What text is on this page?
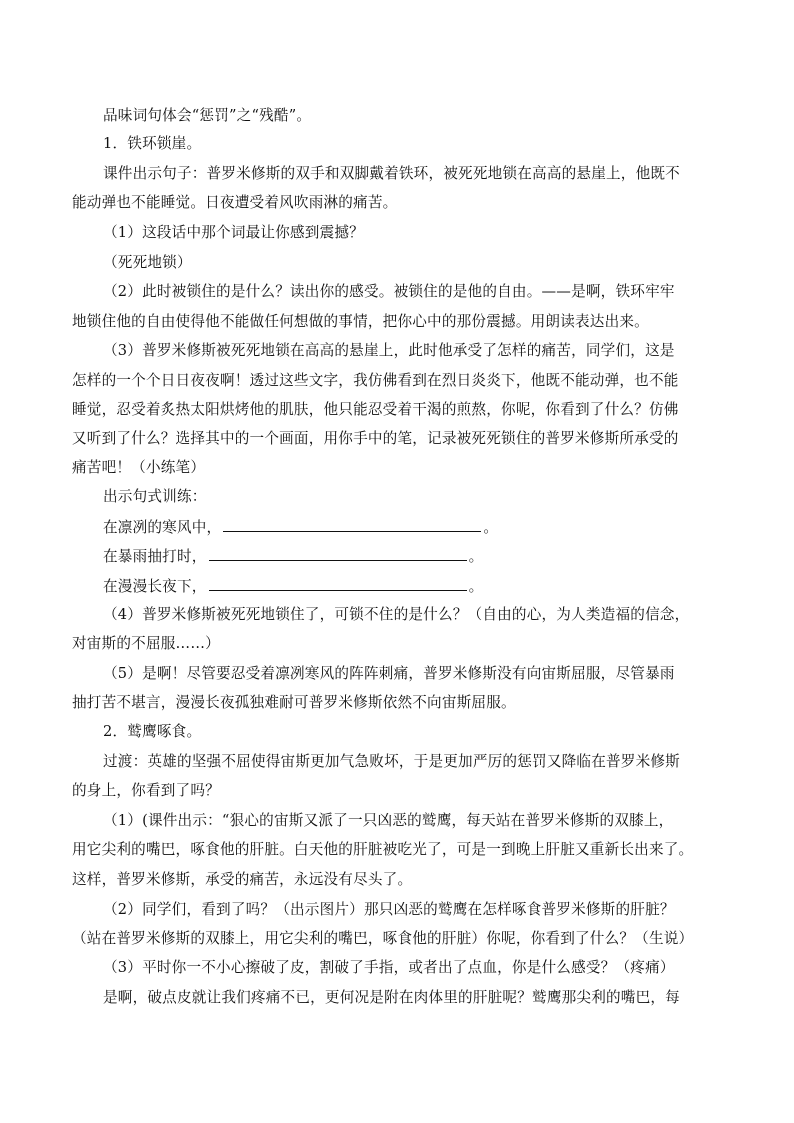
品味词句体会“惩罚”之“残酷”。
1．铁环锁崖。
课件出示句子：普罗米修斯的双手和双脚戴着铁环，被死死地锁在高高的悬崖上，他既不
能动弹也不能睡觉。日夜遭受着风吹雨淋的痛苦。
（1）这段话中那个词最让你感到震撼？
（死死地锁）
（2）此时被锁住的是什么？读出你的感受。被锁住的是他的自由。——是啊，铁环牢牢
地锁住他的自由使得他不能做任何想做的事情，把你心中的那份震撼。用朗读表达出来。
（3）普罗米修斯被死死地锁在高高的悬崖上，此时他承受了怎样的痛苦，同学们，这是
怎样的一个个日日夜夜啊！透过这些文字，我仿佛看到在烈日炎炎下，他既不能动弹，也不能
睡觉，忍受着炙热太阳烘烤他的肌肤，他只能忍受着干渴的煎熬，你呢，你看到了什么？仿佛
又听到了什么？选择其中的一个画面，用你手中的笔，记录被死死锁住的普罗米修斯所承受的
痛苦吧！（小练笔）
出示句式训练：
在凛冽的寒风中，	。
在暴雨抽打时，	。
在漫漫长夜下，	。
（4）普罗米修斯被死死地锁住了，可锁不住的是什么？（自由的心，为人类造福的信念，
对宙斯的不屈服……）
（5）是啊！尽管要忍受着凛冽寒风的阵阵刺痛，普罗米修斯没有向宙斯屈服，尽管暴雨
抽打苦不堪言，漫漫长夜孤独难耐可普罗米修斯依然不向宙斯屈服。
2．鹫鹰啄食。
过渡：英雄的坚强不屈使得宙斯更加气急败坏，于是更加严厉的惩罚又降临在普罗米修斯
的身上，你看到了吗？
（1）(课件出示：“狠心的宙斯又派了一只凶恶的鹫鹰，每天站在普罗米修斯的双膝上，
用它尖利的嘴巴，啄食他的肝脏。白天他的肝脏被吃光了，可是一到晚上肝脏又重新长出来了。
这样，普罗米修斯，承受的痛苦，永远没有尽头了。
（2）同学们，看到了吗？（出示图片）那只凶恶的鹫鹰在怎样啄食普罗米修斯的肝脏？
（站在普罗米修斯的双膝上，用它尖利的嘴巴，啄食他的肝脏）你呢，你看到了什么？（生说）
（3）平时你一不小心擦破了皮，割破了手指，或者出了点血，你是什么感受？（疼痛）
是啊，破点皮就让我们疼痛不已，更何况是附在肉体里的肝脏呢？鹫鹰那尖利的嘴巴，每
